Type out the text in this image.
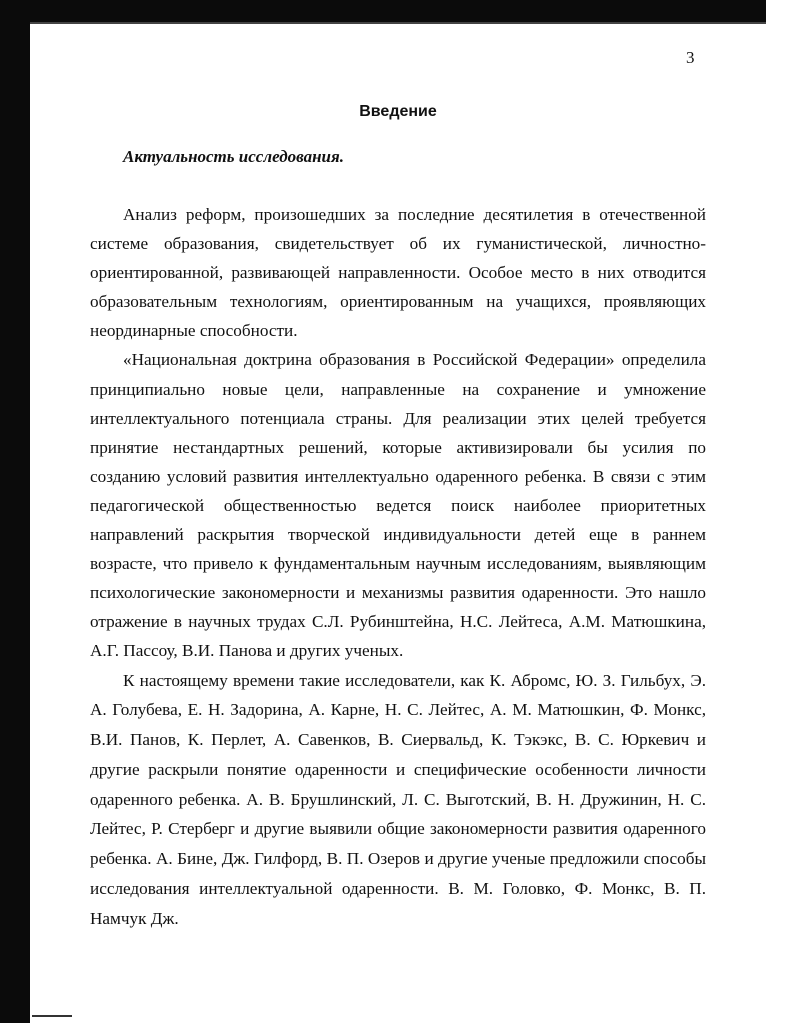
3
Введение
Актуальность исследования.

Анализ реформ, произошедших за последние десятилетия в отечественной системе образования, свидетельствует об их гуманистической, личностно-ориентированной, развивающей направленности. Особое место в них отводится образовательным технологиям, ориентированным на учащихся, проявляющих неординарные способности.

«Национальная доктрина образования в Российской Федерации» определила принципиально новые цели, направленные на сохранение и умножение интеллектуального потенциала страны. Для реализации этих целей требуется принятие нестандартных решений, которые активизировали бы усилия по созданию условий развития интеллектуально одаренного ребенка. В связи с этим педагогической общественностью ведется поиск наиболее приоритетных направлений раскрытия творческой индивидуальности детей еще в раннем возрасте, что привело к фундаментальным научным исследованиям, выявляющим психологические закономерности и механизмы развития одаренности. Это нашло отражение в научных трудах С.Л. Рубинштейна, Н.С. Лейтеса, А.М. Матюшкина, А.Г. Пассоу, В.И. Панова и других ученых.

К настоящему времени такие исследователи, как К. Абромс, Ю. З. Гильбух, Э. А. Голубева, Е. Н. Задорина, А. Карне, Н. С. Лейтес, А. М. Матюшкин, Ф. Монкс, В.И. Панов, К. Перлет, А. Савенков, В. Сиервальд, К. Тэкэкс, В. С. Юркевич и другие раскрыли понятие одаренности и специфические особенности личности одаренного ребенка. А. В. Брушлинский, Л. С. Выготский, В. Н. Дружинин, Н. С. Лейтес, Р. Стерберг и другие выявили общие закономерности развития одаренного ребенка. А. Бине, Дж. Гилфорд, В. П. Озеров и другие ученые предложили способы исследования интеллектуальной одаренности. В. М. Головко, Ф. Монкс, В. П. Намчук Дж.
